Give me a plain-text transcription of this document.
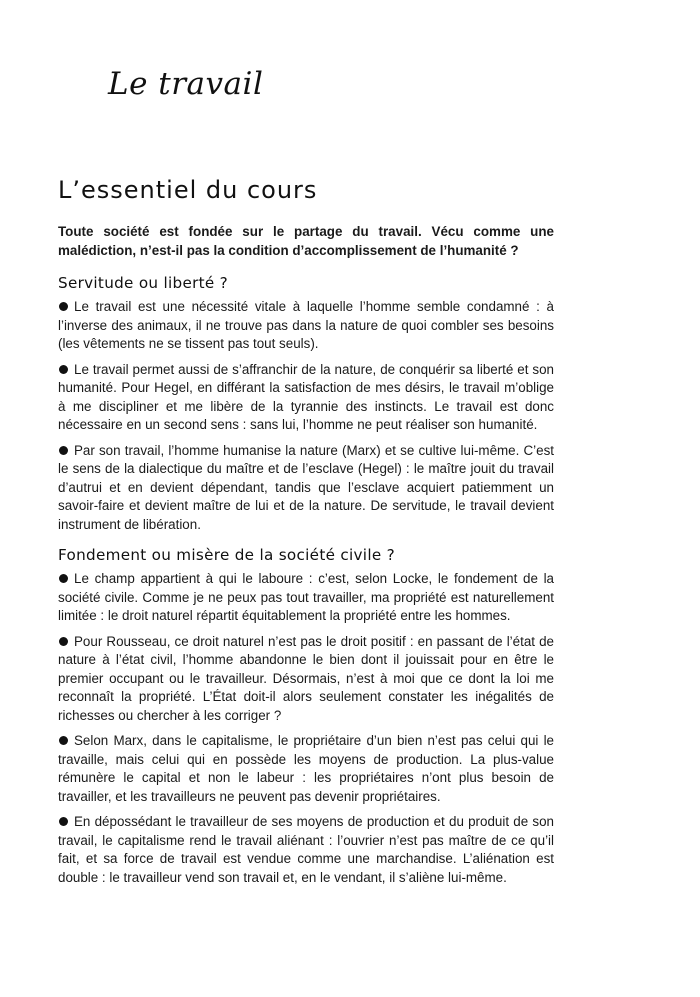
Le travail
L’essentiel du cours

Toute société est fondée sur le partage du travail. Vécu comme une malédiction, n’est-il pas la condition d’accomplissement de l’humanité ?

Servitude ou liberté ?

Le travail est une nécessité vitale à laquelle l’homme semble condamné : à l’inverse des animaux, il ne trouve pas dans la nature de quoi combler ses besoins (les vêtements ne se tissent pas tout seuls).

Le travail permet aussi de s’affranchir de la nature, de conquérir sa liberté et son humanité. Pour Hegel, en différant la satisfaction de mes désirs, le travail m’oblige à me discipliner et me libère de la tyrannie des instincts. Le travail est donc nécessaire en un second sens : sans lui, l’homme ne peut réaliser son humanité.

Par son travail, l’homme humanise la nature (Marx) et se cultive lui-même. C’est le sens de la dialectique du maître et de l’esclave (Hegel) : le maître jouit du travail d’autrui et en devient dépendant, tandis que l’esclave acquiert patiemment un savoir-faire et devient maître de lui et de la nature. De servitude, le travail devient instrument de libération.

Fondement ou misère de la société civile ?

Le champ appartient à qui le laboure : c’est, selon Locke, le fondement de la société civile. Comme je ne peux pas tout travailler, ma propriété est naturellement limitée : le droit naturel répartit équitablement la propriété entre les hommes.

Pour Rousseau, ce droit naturel n’est pas le droit positif : en passant de l’état de nature à l’état civil, l’homme abandonne le bien dont il jouissait pour en être le premier occupant ou le travailleur. Désormais, n’est à moi que ce dont la loi me reconnaît la propriété. L’État doit-il alors seulement constater les inégalités de richesses ou chercher à les corriger ?

Selon Marx, dans le capitalisme, le propriétaire d’un bien n’est pas celui qui le travaille, mais celui qui en possède les moyens de production. La plus-value rémunère le capital et non le labeur : les propriétaires n’ont plus besoin de travailler, et les travailleurs ne peuvent pas devenir propriétaires.

En dépossédant le travailleur de ses moyens de production et du produit de son travail, le capitalisme rend le travail aliénant : l’ouvrier n’est pas maître de ce qu’il fait, et sa force de travail est vendue comme une marchandise. L’aliénation est double : le travailleur vend son travail et, en le vendant, il s’aliène lui-même.
